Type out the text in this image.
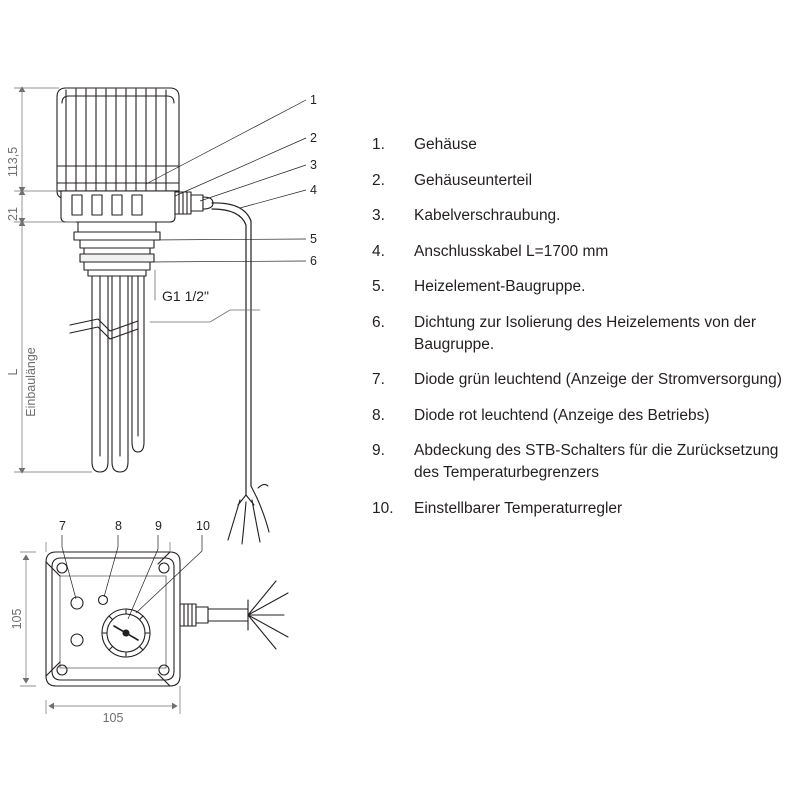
G1 1/2"
113,5
21
L Einbaulänge
1
2
3
4
5
6
105
105
7	8	9	10
1.	Gehäuse
2.	Gehäuseunterteil
3.	Kabelverschraubung.
4.	Anschlusskabel L=1700 mm
5.	Heizelement-Baugruppe.
6.	Dichtung zur Isolierung des Heizelements von der Baugruppe.
7.	Diode grün leuchtend (Anzeige der Stromversorgung)
8.	Diode rot leuchtend (Anzeige des Betriebs)
9.	Abdeckung des STB-Schalters für die Zurücksetzung des Temperaturbegrenzers
10.	Einstellbarer Temperaturregler
